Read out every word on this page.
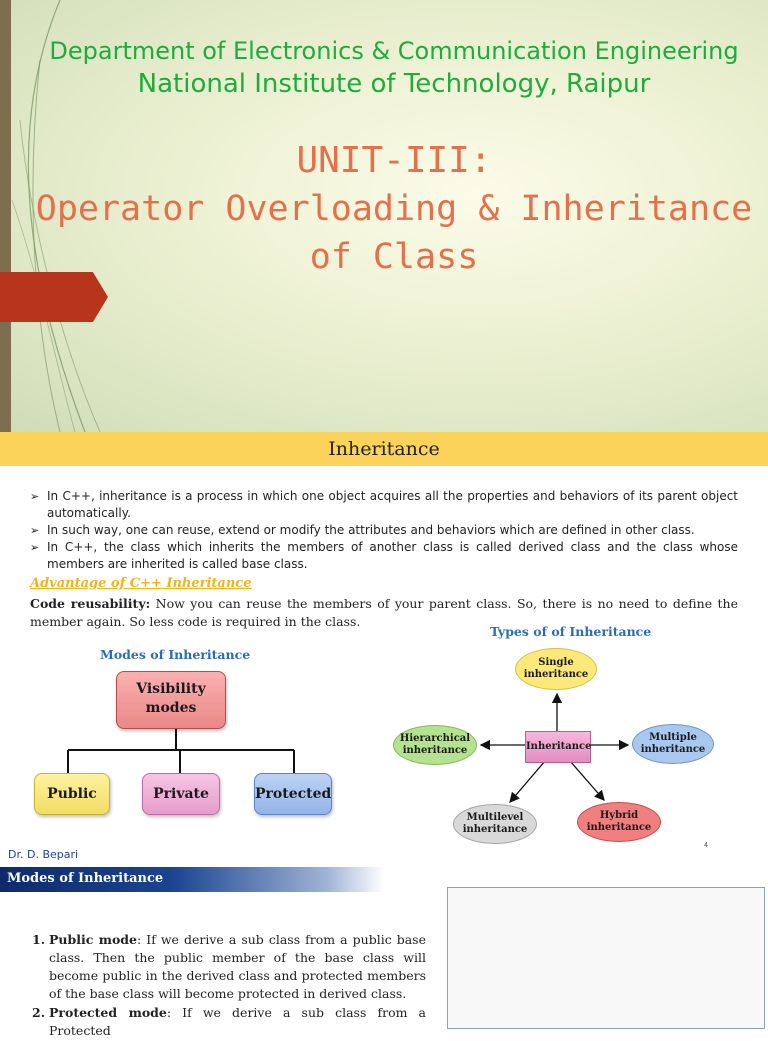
Department of Electronics & Communication Engineering
National Institute of Technology, Raipur
UNIT-III:
Operator Overloading & Inheritance
of Class
Inheritance
➢ In C++, inheritance is a process in which one object acquires all the properties and behaviors of its parent object automatically.
➢ In such way, one can reuse, extend or modify the attributes and behaviors which are defined in other class.
➢ In C++, the class which inherits the members of another class is called derived class and the class whose members are inherited is called base class.
Advantage of C++ Inheritance
Code reusability: Now you can reuse the members of your parent class. So, there is no need to define the member again. So less code is required in the class.
Modes of Inheritance
Visibility
modes
Public	Private	Protected
Types of of Inheritance
Single
inheritance
Hierarchical
inheritance
Multiple
inheritance
Multilevel
inheritance
Hybrid
inheritance
Inheritance
4
Dr. D. Bepari
Modes of Inheritance
1. Public mode: If we derive a sub class from a public base class. Then the public member of the base class will become public in the derived class and protected members of the base class will become protected in derived class.
2. Protected mode: If we derive a sub class from a Protected
